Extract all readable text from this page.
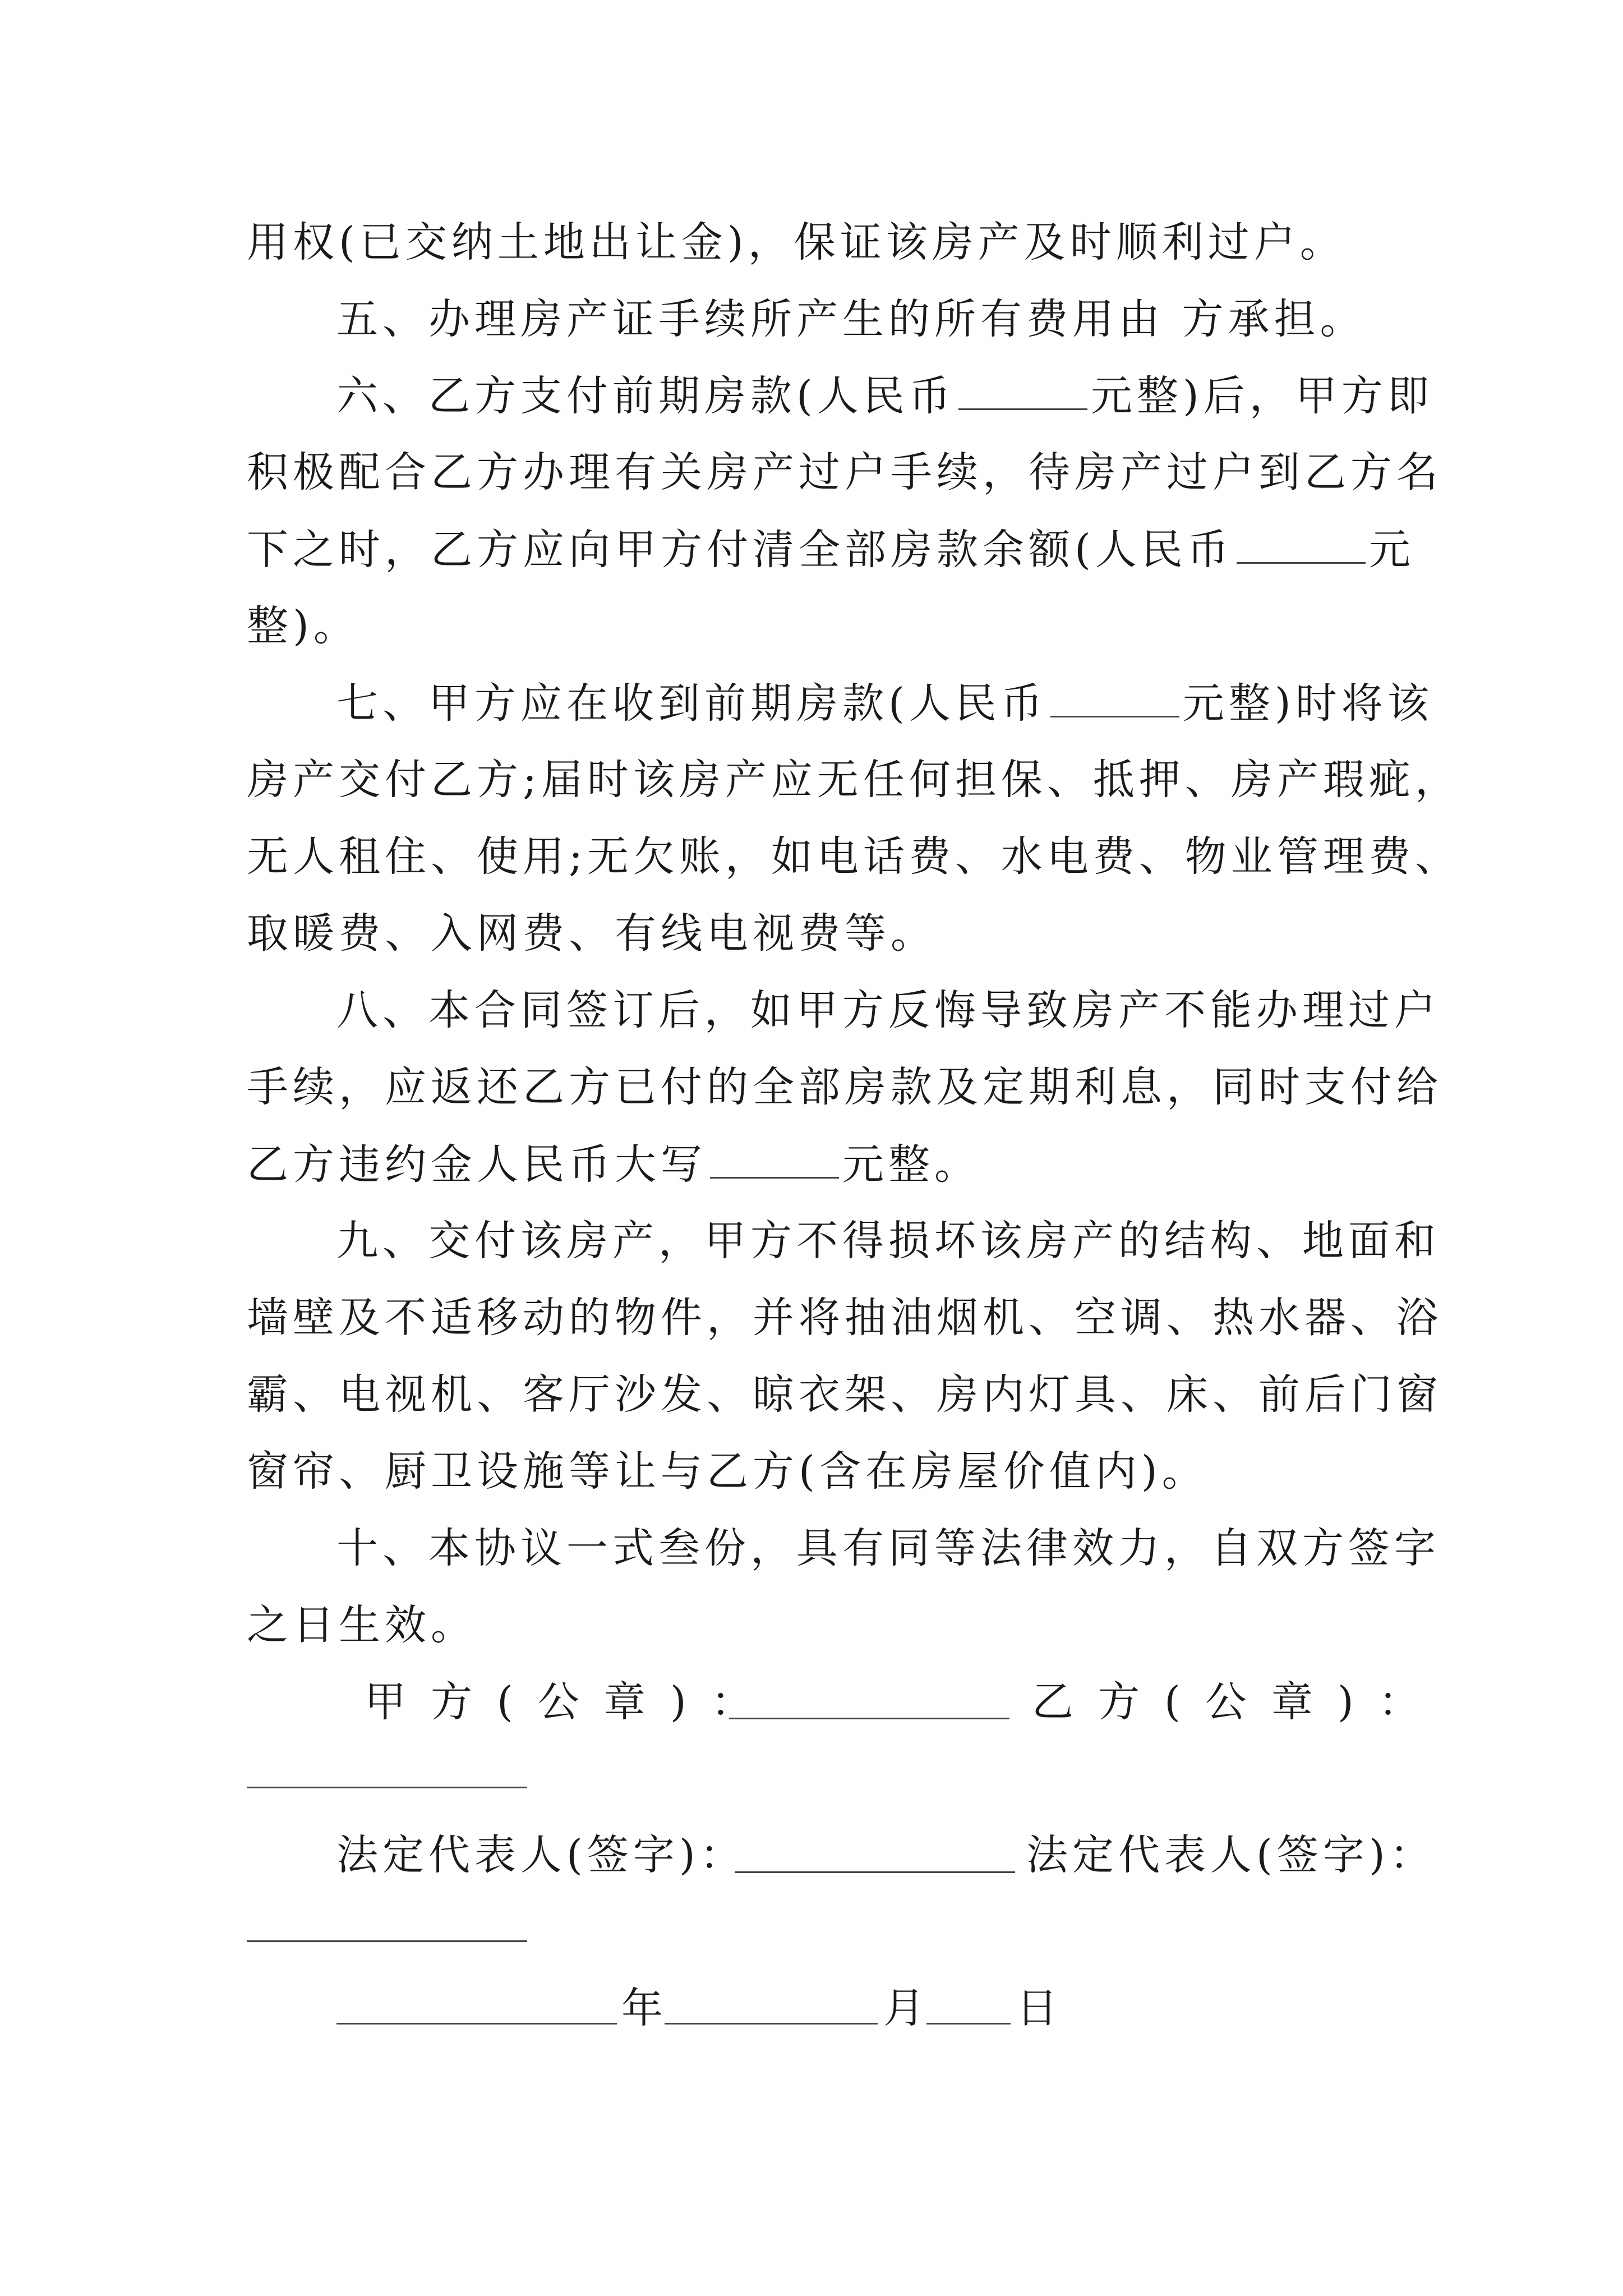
用权(已交纳土地出让金)，保证该房产及时顺利过户。
五、办理房产证手续所产生的所有费用由 方承担。
六、乙方支付前期房款(人民币	元整)后，甲方即
积极配合乙方办理有关房产过户手续，待房产过户到乙方名
下之时，乙方应向甲方付清全部房款余额(人民币	元
整)。
七、甲方应在收到前期房款(人民币	元整)时将该
房产交付乙方;届时该房产应无任何担保、抵押、房产瑕疵，
无人租住、使用;无欠账，如电话费、水电费、物业管理费、
取暖费、入网费、有线电视费等。
八、本合同签订后，如甲方反悔导致房产不能办理过户
手续，应返还乙方已付的全部房款及定期利息，同时支付给
乙方违约金人民币大写	元整。
九、交付该房产，甲方不得损坏该房产的结构、地面和
墙壁及不适移动的物件，并将抽油烟机、空调、热水器、浴
霸、电视机、客厅沙发、晾衣架、房内灯具、床、前后门窗
窗帘、厨卫设施等让与乙方(含在房屋价值内)。
十、本协议一式叁份，具有同等法律效力，自双方签字
之日生效。
甲方(公章)：	乙方(公章)：
法定代表人(签字)：	法定代表人(签字)：
年	月 日
